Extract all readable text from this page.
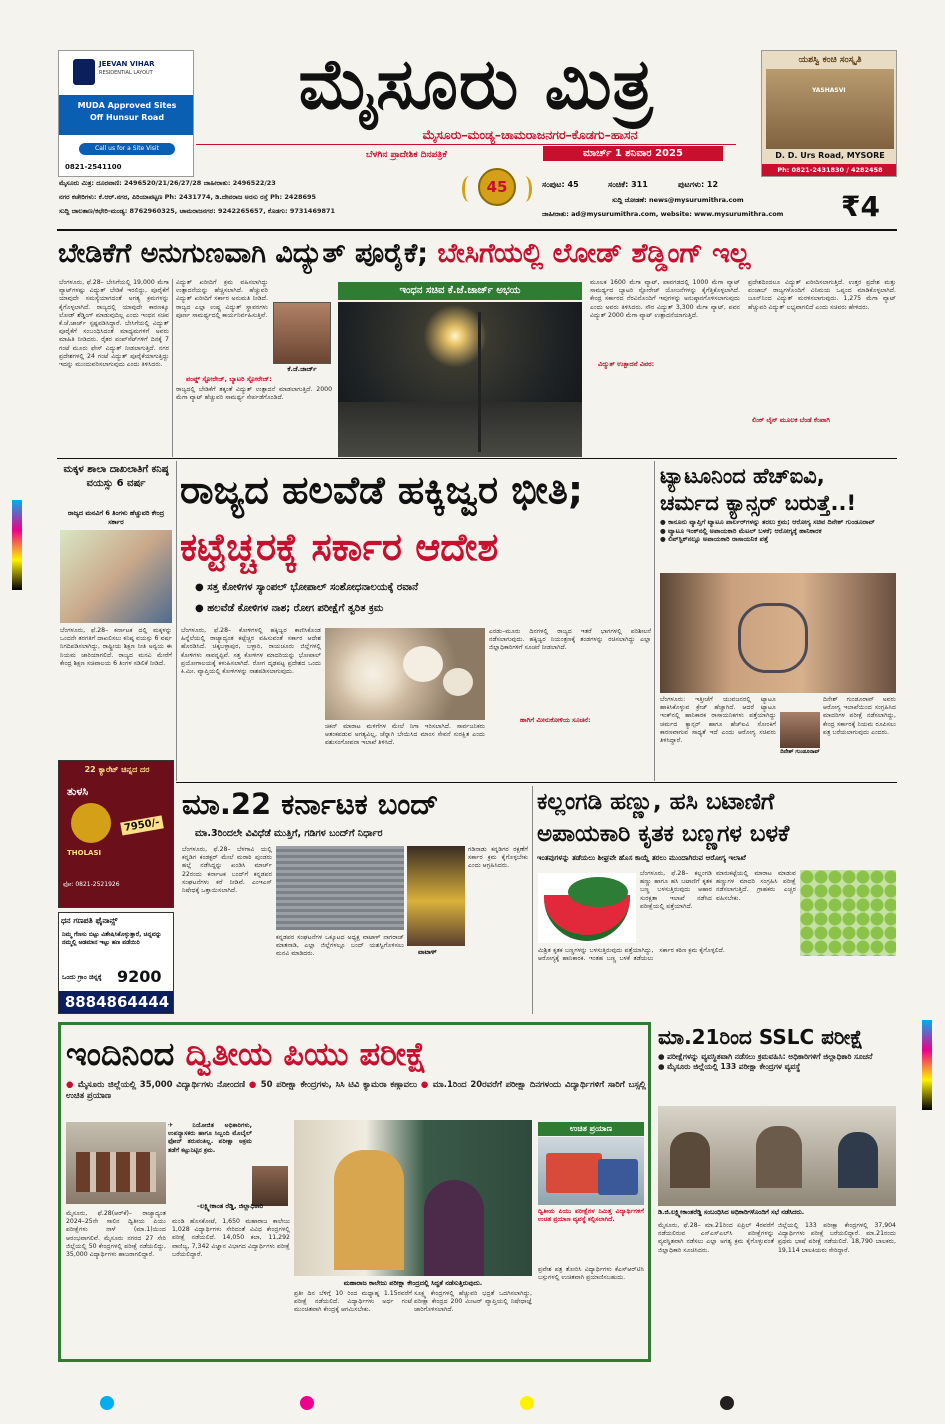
JEEVAN VIHAR
RESIDENTIAL LAYOUT
MUDA Approved Sites
Off Hunsur Road
Call us for a Site Visit
0821-2541100
ಮೈಸೂರು ಮಿತ್ರ
ಮೈಸೂರು–ಮಂಡ್ಯ–ಚಾಮರಾಜನಗರ–ಕೊಡಗು–ಹಾಸನ
ಬೆಳಗಿನ ಪ್ರಾದೇಶಿಕ ದಿನಪತ್ರಿಕೆ	ಮಾರ್ಚ್ 1 ಶನಿವಾರ 2025
ಯಶಸ್ವಿ ಕಂಚಿ ಸಂಸ್ಕೃತಿ
YASHASVI
D. D. Urs Road, MYSORE
Ph: 0821-2431830 / 4282458
45
ಮೈಸೂರು ಮಿತ್ರ: ದೂರವಾಣಿ: 2496520/21/26/27/28 ಜಾಹೀರಾತು: 2496522/23
ನಗರ ಕಚೇರಿಗಳು: ಕೆ.ಆರ್.ನಗರ, ಪಿರಿಯಾಪಟ್ಟಣ Ph: 2431774, ಡಿ.ದೇವರಾಜ ಅರಸು ರಸ್ತೆ Ph: 2428695
ಸುದ್ದಿ ಜಾಲತಾಣ/ಕಛೇರಿ-ಮಂಡ್ಯ: 8762960325, ಚಾಮರಾಜನಗರ: 9242265657, ಕೊಡಗು: 9731469871
ಸಂಪುಟ: 45	ಸಂಚಿಕೆ: 311	ಪುಟಗಳು: 12
ಸುದ್ದಿ ಜೋಡಣೆ: news@mysurumithra.com
ಜಾಹೀರಾತು: ad@mysurumithra.com, website: www.mysurumithra.com ₹4
ಬೇಡಿಕೆಗೆ ಅನುಗುಣವಾಗಿ ವಿದ್ಯುತ್ ಪೂರೈಕೆ; ಬೇಸಿಗೆಯಲ್ಲಿ ಲೋಡ್ ಶೆಡ್ಡಿಂಗ್ ಇಲ್ಲ
ಬೆಂಗಳೂರು, ಫೆ.28– ಬೇಸಿಗೆಯಲ್ಲಿ 19,000 ಮೆಗಾ ವ್ಯಾಟ್‌ಗಳಷ್ಟು ವಿದ್ಯುತ್ ಬೇಡಿಕೆ ಇರಲಿದ್ದು, ಪೂರೈಕೆಗೆ ಯಾವುದೇ ಸಮಸ್ಯೆಯಾಗದಂತೆ ಅಗತ್ಯ ಕ್ರಮಗಳನ್ನು ಕೈಗೊಳ್ಳಲಾಗಿದೆ. ರಾಜ್ಯದಲ್ಲಿ ಯಾವುದೇ ಕಾರಣಕ್ಕೂ ಲೋಡ್ ಶೆಡ್ಡಿಂಗ್ ಮಾಡುವುದಿಲ್ಲ ಎಂದು ಇಂಧನ ಸಚಿವ ಕೆ.ಜೆ.ಜಾರ್ಜ್ ಸ್ಪಷ್ಟಪಡಿಸಿದ್ದಾರೆ. ಬೇಸಿಗೆಯಲ್ಲಿ ವಿದ್ಯುತ್ ಪೂರೈಕೆಗೆ ಸಂಬಂಧಿಸಿದಂತೆ ಮಾಧ್ಯಮಗಳಿಗೆ ಅವರು ಮಾಹಿತಿ ನೀಡಿದರು. ರೈತರ ಪಂಪ್‌ಸೆಟ್‌ಗಳಿಗೆ ದಿನಕ್ಕೆ 7 ಗಂಟೆ ಮೂರು ಫೇಸ್ ವಿದ್ಯುತ್ ನೀಡಲಾಗುತ್ತಿದೆ. ನಗರ ಪ್ರದೇಶಗಳಲ್ಲಿ 24 ಗಂಟೆ ವಿದ್ಯುತ್ ಪೂರೈಕೆಯಾಗುತ್ತಿದ್ದು ಇದನ್ನು ಮುಂದುವರಿಸಲಾಗುವುದು ಎಂದು ತಿಳಿಸಿದರು.
ವಿದ್ಯುತ್ ಖರೀದಿಗೆ ಕ್ರಮ ವಹಿಸಲಾಗಿದ್ದು ಉತ್ಪಾದನೆಯನ್ನು ಹೆಚ್ಚಿಸಲಾಗಿದೆ. ಹೆಚ್ಚುವರಿ ವಿದ್ಯುತ್ ಖರೀದಿಗೆ ಸರ್ಕಾರ ಅನುಮತಿ ನೀಡಿದೆ. ರಾಜ್ಯದ ಎಲ್ಲಾ ಉಷ್ಣ ವಿದ್ಯುತ್ ಸ್ಥಾವರಗಳು ಪೂರ್ಣ ಸಾಮರ್ಥ್ಯದಲ್ಲಿ ಕಾರ್ಯನಿರ್ವಹಿಸುತ್ತಿವೆ.
ಕೆ.ಜೆ.ಜಾರ್ಜ್
ರಾಜ್ಯದಲ್ಲಿ ಬೇಡಿಕೆಗೆ ತಕ್ಕಂತೆ ವಿದ್ಯುತ್ ಉತ್ಪಾದನೆ ಮಾಡಲಾಗುತ್ತಿದೆ. 2000 ಮೆಗಾ ವ್ಯಾಟ್ ಹೆಚ್ಚುವರಿ ಸಾಮರ್ಥ್ಯ ಸೇರ್ಪಡೆಗೊಂಡಿದೆ.
ಪಂಪ್ಡ್ ಸ್ಟೋರೇಜ್, ಬ್ಯಾಟರಿ ಸ್ಟೋರೇಜ್:
ಇಂಧನ ಸಚಿವ ಕೆ.ಜೆ.ಜಾರ್ಜ್ ಅಭಯ
ಮೂಲಕ 1600 ಮೆಗಾ ವ್ಯಾಟ್, ಪಾವಗಡದಲ್ಲಿ 1000 ಮೆಗಾ ವ್ಯಾಟ್ ಸಾಮರ್ಥ್ಯದ ಬ್ಯಾಟರಿ ಸ್ಟೋರೇಜ್ ಯೋಜನೆಗಳನ್ನು ಕೈಗೆತ್ತಿಕೊಳ್ಳಲಾಗಿದೆ. ಕೇಂದ್ರ ಸರ್ಕಾರದ ನೆರವಿನೊಂದಿಗೆ ಇವುಗಳನ್ನು ಅನುಷ್ಠಾನಗೊಳಿಸಲಾಗುವುದು ಎಂದು ಅವರು ತಿಳಿಸಿದರು. ಸೌರ ವಿದ್ಯುತ್ 3,300 ಮೆಗಾ ವ್ಯಾಟ್, ಪವನ ವಿದ್ಯುತ್ 2000 ಮೆಗಾ ವ್ಯಾಟ್ ಉತ್ಪಾದನೆಯಾಗುತ್ತಿದೆ.
ವಿದ್ಯುತ್ ಉತ್ಪಾದನೆ ವಿವರ:
ಪ್ರದೇಶದಿಂದಲೂ ವಿದ್ಯುತ್ ಖರೀದಿಸಲಾಗುತ್ತಿದೆ. ಉತ್ತರ ಪ್ರದೇಶ ಮತ್ತು ಪಂಜಾಬ್ ರಾಜ್ಯಗಳೊಂದಿಗೆ ವಿನಿಮಯ ಒಪ್ಪಂದ ಮಾಡಿಕೊಳ್ಳಲಾಗಿದೆ. ಜೂನ್‌ನಿಂದ ವಿದ್ಯುತ್ ಮರಳಿಸಲಾಗುವುದು. 1,275 ಮೆಗಾ ವ್ಯಾಟ್ ಹೆಚ್ಚುವರಿ ವಿದ್ಯುತ್ ಲಭ್ಯವಾಗಲಿದೆ ಎಂದು ಸಚಿವರು ಹೇಳಿದರು.
ಲಿಂಕ್ ಲೈನ್ ಮೂಲಕ ಬೆಂಡೆ ಕೆಂಪಾಗಿ
ಮಕ್ಕಳ ಶಾಲಾ ದಾಖಲಾತಿಗೆ ಕನಿಷ್ಠ ವಯಸ್ಸು 6 ವರ್ಷ
ರಾಜ್ಯದ ಮನವಿಗೆ 6 ತಿಂಗಳು ಹೆಚ್ಚುವರಿ ಕೇಂದ್ರ ಸರ್ಕಾರ
ಬೆಂಗಳೂರು, ಫೆ.28– ಕರ್ನಾಟಕ ದಲ್ಲಿ ಮಕ್ಕಳನ್ನು ಒಂದನೇ ತರಗತಿಗೆ ದಾಖಲಿಸಲು ಕನಿಷ್ಠ ವಯಸ್ಸು 6 ವರ್ಷ ನಿಗದಿಪಡಿಸಲಾಗಿದ್ದು, ರಾಷ್ಟ್ರೀಯ ಶಿಕ್ಷಣ ನೀತಿ ಅನ್ವಯ ಈ ನಿಯಮ ಜಾರಿಯಾಗಲಿದೆ. ರಾಜ್ಯದ ಮನವಿ ಮೇರೆಗೆ ಕೇಂದ್ರ ಶಿಕ್ಷಣ ಸಚಿವಾಲಯ 6 ತಿಂಗಳ ಸಡಿಲಿಕೆ ನೀಡಿದೆ.
22 ಕ್ಯಾರೆಟ್ ಚಿನ್ನದ ದರ
ತುಳಸಿ
THOLASI
7950/-
ಫೋ: 0821-2521926
ಧನ ಗಣಪತಿ ಫೈನಾನ್ಸ್
ನಿಮ್ಮ ಗೆಣಸು ಬಿಟ್ಟು ವಿಶೇಷಿಸಿಕೊಳ್ಳುತ್ತಾರೆ, ಚಿನ್ನವನ್ನು ನಮ್ಮಲ್ಲಿ ಅಡಮಾನ ಇಟ್ಟು ಹಣ ಪಡೆಯಿರಿ
ಒಂದು ಗ್ರಾಂ ಚಿನ್ನಕ್ಕೆ 9200
8884864444
ರಾಜ್ಯದ ಹಲವೆಡೆ ಹಕ್ಕಿಜ್ವರ ಭೀತಿ;
ಕಟ್ಟೆಚ್ಚರಕ್ಕೆ ಸರ್ಕಾರ ಆದೇಶ
● ಸತ್ತ ಕೋಳಿಗಳ ಸ್ಯಾಂಪಲ್ ಭೋಪಾಲ್ ಸಂಶೋಧನಾಲಯಕ್ಕೆ ರವಾನೆ
● ಹಲವೆಡೆ ಕೋಳಿಗಳ ನಾಶ; ರೋಗ ಪರೀಕ್ಷೆಗೆ ತ್ವರಿತ ಕ್ರಮ
ಬೆಂಗಳೂರು, ಫೆ.28– ಕೋಳಿಗಳಲ್ಲಿ ಹಕ್ಕಿಜ್ವರ ಕಾಣಿಸಿಕೊಂಡ ಹಿನ್ನೆಲೆಯಲ್ಲಿ ರಾಜ್ಯಾದ್ಯಂತ ಕಟ್ಟೆಚ್ಚರ ವಹಿಸುವಂತೆ ಸರ್ಕಾರ ಆದೇಶ ಹೊರಡಿಸಿದೆ. ಚಿಕ್ಕಬಳ್ಳಾಪುರ, ಬಳ್ಳಾರಿ, ರಾಯಚೂರು ಜಿಲ್ಲೆಗಳಲ್ಲಿ ಕೋಳಿಗಳು ಸಾವನ್ನಪ್ಪಿವೆ. ಸತ್ತ ಕೋಳಿಗಳ ಮಾದರಿಯನ್ನು ಭೋಪಾಲ್ ಪ್ರಯೋಗಾಲಯಕ್ಕೆ ಕಳುಹಿಸಲಾಗಿದೆ. ರೋಗ ದೃಢಪಟ್ಟ ಪ್ರದೇಶದ ಒಂದು ಕಿ.ಮೀ. ವ್ಯಾಪ್ತಿಯಲ್ಲಿ ಕೋಳಿಗಳನ್ನು ನಾಶಪಡಿಸಲಾಗುವುದು.
ಚಿಕನ್ ಮಾರಾಟ ಮಳಿಗೆಗಳ ಮೇಲೆ ನಿಗಾ ಇರಿಸಲಾಗಿದೆ. ಸಾರ್ವಜನಿಕರು ಆತಂಕಪಡುವ ಅಗತ್ಯವಿಲ್ಲ, ಚೆನ್ನಾಗಿ ಬೇಯಿಸಿದ ಮಾಂಸ ಸೇವನೆ ಸುರಕ್ಷಿತ ಎಂದು ಪಶುಸಂಗೋಪನಾ ಇಲಾಖೆ ತಿಳಿಸಿದೆ.
ಎರಡು–ಮೂರು ದಿನಗಳಲ್ಲಿ ರಾಜ್ಯದ ಇತರೆ ಭಾಗಗಳಲ್ಲಿ ಪರಿಶೀಲನೆ ನಡೆಸಲಾಗುವುದು. ಹಕ್ಕಿಜ್ವರ ನಿಯಂತ್ರಣಕ್ಕೆ ತಂಡಗಳನ್ನು ರಚಿಸಲಾಗಿದ್ದು ಎಲ್ಲಾ ಜಿಲ್ಲಾಧಿಕಾರಿಗಳಿಗೆ ಸೂಚನೆ ನೀಡಲಾಗಿದೆ.
ಹಾಗಿಗೆ ಮೀನುಕೋಳಿಯ ಸೂಚನೆ:
ಟ್ಯಾಟೂನಿಂದ ಹೆಚ್‌ಐವಿ,
ಚರ್ಮದ ಕ್ಯಾನ್ಸರ್ ಬರುತ್ತೆ..!
● ಕಾನೂನು ವ್ಯಾಪ್ತಿಗೆ ಟ್ಯಾಟೂ ಪಾರ್ಲರ್‌ಗಳನ್ನು ತರಲು ಕ್ರಮ; ಆರೋಗ್ಯ ಸಚಿವ ದಿನೇಶ್ ಗುಂಡೂರಾವ್
● ಟ್ಯಾಟೂ ಇಂಕ್‌ನಲ್ಲಿ ಅಪಾಯಕಾರಿ ಮೆಟಲ್ ಬಳಕೆ; ಆರೋಗ್ಯಕ್ಕೆ ಹಾನಿಕಾರಕ
● ಲಿಪ್‌ಸ್ಟಿಕ್‌ನಲ್ಲೂ ಅಪಾಯಕಾರಿ ರಾಸಾಯನಿಕ ಪತ್ತೆ
ಬೆಂಗಳೂರು: ಇತ್ತೀಚೆಗೆ ಯುವಜನರಲ್ಲಿ ಟ್ಯಾಟೂ ಹಾಕಿಸಿಕೊಳ್ಳುವ ಕ್ರೇಜ್ ಹೆಚ್ಚಾಗಿದೆ. ಆದರೆ ಟ್ಯಾಟೂ ಇಂಕ್‌ನಲ್ಲಿ ಹಾನಿಕಾರಕ ರಾಸಾಯನಿಕಗಳು ಪತ್ತೆಯಾಗಿದ್ದು ಚರ್ಮದ ಕ್ಯಾನ್ಸರ್ ಹಾಗೂ ಹೆಚ್‌ಐವಿ ಸೋಂಕಿಗೆ ಕಾರಣವಾಗುವ ಸಾಧ್ಯತೆ ಇದೆ ಎಂದು ಆರೋಗ್ಯ ಸಚಿವರು ತಿಳಿಸಿದ್ದಾರೆ.
ದಿನೇಶ್ ಗುಂಡೂರಾವ್
ದಿನೇಶ್ ಗುಂಡೂರಾವ್ ಅವರು ಆರೋಗ್ಯ ಇಲಾಖೆಯಿಂದ ಸಂಗ್ರಹಿಸಿದ ಮಾದರಿಗಳ ಪರೀಕ್ಷೆ ನಡೆಸಲಾಗಿದ್ದು, ಕೇಂದ್ರ ಸರ್ಕಾರಕ್ಕೆ ನಿಯಮ ರೂಪಿಸಲು ಪತ್ರ ಬರೆಯಲಾಗುವುದು ಎಂದರು.
ಮಾ.22 ಕರ್ನಾಟಕ ಬಂದ್
ಮಾ.3ರಿಂದಲೇ ವಿವಿಧೆಡೆ ಮುತ್ತಿಗೆ, ಗಡಿಗಳ ಬಂದ್‌ಗೆ ನಿರ್ಧಾರ
ಬೆಂಗಳೂರು, ಫೆ.28– ಬೆಳಗಾವಿ ಯಲ್ಲಿ ಕನ್ನಡಿಗ ಕಂಡಕ್ಟರ್ ಮೇಲೆ ಮರಾಠಿ ಪುಂಡರು ಹಲ್ಲೆ ನಡೆಸಿದ್ದನ್ನು ಖಂಡಿಸಿ ಮಾರ್ಚ್ 22ರಂದು ಕರ್ನಾಟಕ ಬಂದ್‌ಗೆ ಕನ್ನಡಪರ ಸಂಘಟನೆಗಳು ಕರೆ ನೀಡಿವೆ. ಎಂಇಎಸ್ ನಿಷೇಧಕ್ಕೆ ಒತ್ತಾಯಿಸಲಾಗಿದೆ.
ವಾಟಾಳ್
ಕನ್ನಡಪರ ಸಂಘಟನೆಗಳ ಒಕ್ಕೂಟದ ಅಧ್ಯಕ್ಷ ವಾಟಾಳ್ ನಾಗರಾಜ್ ಮಾತನಾಡಿ, ಎಲ್ಲಾ ಜಿಲ್ಲೆಗಳಲ್ಲೂ ಬಂದ್ ಯಶಸ್ವಿಗೊಳಿಸಲು ಮನವಿ ಮಾಡಿದರು.
ಗಡಿನಾಡು ಕನ್ನಡಿಗರ ರಕ್ಷಣೆಗೆ ಸರ್ಕಾರ ಕ್ರಮ ಕೈಗೊಳ್ಳಬೇಕು ಎಂದು ಆಗ್ರಹಿಸಿದರು.
ಕಲ್ಲಂಗಡಿ ಹಣ್ಣು, ಹಸಿ ಬಟಾಣಿಗೆ
ಅಪಾಯಕಾರಿ ಕೃತಕ ಬಣ್ಣಗಳ ಬಳಕೆ
ಇಂತವುಗಳನ್ನು ತಡೆಯಲು ಶೀಘ್ರವೇ ಹೊಸ ಕಾಯ್ದೆ ತರಲು ಮುಂದಾಗಿರುವ ಆರೋಗ್ಯ ಇಲಾಖೆ
ಬೆಂಗಳೂರು, ಫೆ.28– ಕಲ್ಲಂಗಡಿ ಹಣ್ಣು ಹಾಗೂ ಹಸಿ ಬಟಾಣಿಗೆ ಕೃತಕ ಬಣ್ಣ ಬಳಸುತ್ತಿರುವುದು ಆಹಾರ ಸುರಕ್ಷತಾ ಇಲಾಖೆ ನಡೆಸಿದ ಪರೀಕ್ಷೆಯಲ್ಲಿ ಪತ್ತೆಯಾಗಿದೆ.
ಮಾರುಕಟ್ಟೆಯಲ್ಲಿ ಮಾರಾಟ ಮಾಡುವ ಹಣ್ಣುಗಳ ಮಾದರಿ ಸಂಗ್ರಹಿಸಿ ಪರೀಕ್ಷೆ ನಡೆಸಲಾಗುತ್ತಿದೆ. ಗ್ರಾಹಕರು ಎಚ್ಚರ ವಹಿಸಬೇಕು.
ಮಿಶ್ರಿತ ಕೃತಕ ಬಣ್ಣಗಳನ್ನು ಬಳಸುತ್ತಿರುವುದು ಪತ್ತೆಯಾಗಿದ್ದು, ಆರೋಗ್ಯಕ್ಕೆ ಹಾನಿಕಾರಕ. ಇಂತಹ ಬಣ್ಣ ಬಳಕೆ ತಡೆಯಲು ಸರ್ಕಾರ ಕಠಿಣ ಕ್ರಮ ಕೈಗೊಳ್ಳಲಿದೆ.
ಇಂದಿನಿಂದ ದ್ವಿತೀಯ ಪಿಯು ಪರೀಕ್ಷೆ
● ಮೈಸೂರು ಜಿಲ್ಲೆಯಲ್ಲಿ 35,000 ವಿದ್ಯಾರ್ಥಿಗಳು ನೋಂದಣಿ ● 50 ಪರೀಕ್ಷಾ ಕೇಂದ್ರಗಳು, ಸಿಸಿ ಟಿವಿ ಕ್ಯಾಮರಾ ಕಣ್ಗಾವಲು ● ಮಾ.1ರಿಂದ 20ರವರೆಗೆ ಪರೀಕ್ಷಾ ದಿನಗಳಂದು ವಿದ್ಯಾರ್ಥಿಗಳಿಗೆ ಸಾರಿಗೆ ಬಸ್ಸಲ್ಲಿ ಉಚಿತ ಪ್ರಯಾಣ
✈ ನಿಯೋಜಿತ ಅಧಿಕಾರಿಗಳು, ಉಪನ್ಯಾಸಕರು ಹಾಗೂ ಸಿಬ್ಬಂದಿ ಮೊಬೈಲ್ ಫೋನ್ ತರುವಂತಿಲ್ಲ. ಪರೀಕ್ಷಾ ಅಕ್ರಮ ತಡೆಗೆ ಕಟ್ಟುನಿಟ್ಟಿನ ಕ್ರಮ.
–ಲಕ್ಷ್ಮೀಕಾಂತ ರೆಡ್ಡಿ, ಜಿಲ್ಲಾಧಿಕಾರಿ
ಮೈಸೂರು, ಫೆ.28(ಆರ್‌ಕೆ)– ರಾಜ್ಯಾದ್ಯಂತ 2024–25ನೇ ಸಾಲಿನ ದ್ವಿತೀಯ ಪಿಯು ಪರೀಕ್ಷೆಗಳು ನಾಳೆ (ಮಾ.1)ಯಿಂದ ಆರಂಭವಾಗಲಿವೆ. ಮೈಸೂರು ನಗರದ 27 ಸೇರಿ ಜಿಲ್ಲೆಯಲ್ಲಿ 50 ಕೇಂದ್ರಗಳಲ್ಲಿ ಪರೀಕ್ಷೆ ನಡೆಯಲಿದ್ದು, 35,000 ವಿದ್ಯಾರ್ಥಿಗಳು ಹಾಜರಾಗಲಿದ್ದಾರೆ.
ಮಂಡಿ ಹೊಸಕೋಟೆ, 1,650 ಮಹಾರಾಜ ಕಾಲೇಜು 1,028 ವಿದ್ಯಾರ್ಥಿಗಳು ಸೇರಿದಂತೆ ವಿವಿಧ ಕೇಂದ್ರಗಳಲ್ಲಿ ಪರೀಕ್ಷೆ ನಡೆಯಲಿದೆ. 14,050 ಕಲಾ, 11,292 ವಾಣಿಜ್ಯ, 7,342 ವಿಜ್ಞಾನ ವಿಭಾಗದ ವಿದ್ಯಾರ್ಥಿಗಳು ಪರೀಕ್ಷೆ ಬರೆಯಲಿದ್ದಾರೆ.
ಮಹಾರಾಜ ಕಾಲೇಜು ಪರೀಕ್ಷಾ ಕೇಂದ್ರದಲ್ಲಿ ಸಿದ್ಧತೆ ನಡೆಸುತ್ತಿರುವುದು.
ಪ್ರತೀ ದಿನ ಬೆಳಿಗ್ಗೆ 10 ರಿಂದ ಮಧ್ಯಾಹ್ನ 1.15ರವರೆಗೆ ಪರೀಕ್ಷೆ ನಡೆಯಲಿದೆ. ವಿದ್ಯಾರ್ಥಿಗಳು ಅರ್ಧ ಗಂಟೆ ಮುಂಚಿತವಾಗಿ ಕೇಂದ್ರಕ್ಕೆ ಆಗಮಿಸಬೇಕು.
ಸೂಕ್ಷ್ಮ ಕೇಂದ್ರಗಳಲ್ಲಿ ಹೆಚ್ಚುವರಿ ಭದ್ರತೆ ಒದಗಿಸಲಾಗಿದ್ದು, ಪರೀಕ್ಷಾ ಕೇಂದ್ರದ 200 ಮೀಟರ್ ವ್ಯಾಪ್ತಿಯಲ್ಲಿ ನಿಷೇಧಾಜ್ಞೆ ಜಾರಿಗೊಳಿಸಲಾಗಿದೆ.
ಉಚಿತ ಪ್ರಯಾಣ
ದ್ವಿತೀಯ ಪಿಯು ಪರೀಕ್ಷೆಗಳ ನಿಮಿತ್ತ ವಿದ್ಯಾರ್ಥಿಗಳಿಗೆ ಉಚಿತ ಪ್ರಯಾಣ ವ್ಯವಸ್ಥೆ ಕಲ್ಪಿಸಲಾಗಿದೆ.
ಪ್ರವೇಶ ಪತ್ರ ತೋರಿಸಿ ವಿದ್ಯಾರ್ಥಿಗಳು ಕೆಎಸ್‌ಆರ್‌ಟಿಸಿ ಬಸ್ಸುಗಳಲ್ಲಿ ಉಚಿತವಾಗಿ ಪ್ರಯಾಣಿಸಬಹುದು.
ಮಾ.21ರಿಂದ SSLC ಪರೀಕ್ಷೆ
● ಪರೀಕ್ಷೆಗಳನ್ನು ವ್ಯವಸ್ಥಿತವಾಗಿ ನಡೆಸಲು ಕ್ರಮವಹಿಸಿ: ಅಧಿಕಾರಿಗಳಿಗೆ ಜಿಲ್ಲಾಧಿಕಾರಿ ಸೂಚನೆ
● ಮೈಸೂರು ಜಿಲ್ಲೆಯಲ್ಲಿ 133 ಪರೀಕ್ಷಾ ಕೇಂದ್ರಗಳ ವ್ಯವಸ್ಥೆ
ಡಿ.ಜಿ.ಲಕ್ಷ್ಮೀಕಾಂತರೆಡ್ಡಿ ಸಂಬಂಧಿಸಿದ ಅಧಿಕಾರಿಗಳೊಂದಿಗೆ ಸಭೆ ನಡೆಸಿದರು.
ಮೈಸೂರು, ಫೆ.28– ಮಾ.21ರಿಂದ ಏಪ್ರಿಲ್ 4ರವರೆಗೆ ನಡೆಯಲಿರುವ ಎಸ್‌ಎಸ್‌ಎಲ್‌ಸಿ ಪರೀಕ್ಷೆಗಳನ್ನು ವ್ಯವಸ್ಥಿತವಾಗಿ ನಡೆಸಲು ಎಲ್ಲಾ ಅಗತ್ಯ ಕ್ರಮ ಕೈಗೊಳ್ಳುವಂತೆ ಜಿಲ್ಲಾಧಿಕಾರಿ ಸೂಚಿಸಿದರು.
ಜಿಲ್ಲೆಯಲ್ಲಿ 133 ಪರೀಕ್ಷಾ ಕೇಂದ್ರಗಳಲ್ಲಿ 37,904 ವಿದ್ಯಾರ್ಥಿಗಳು ಪರೀಕ್ಷೆ ಬರೆಯಲಿದ್ದಾರೆ. ಮಾ.21ರಂದು ಪ್ರಥಮ ಭಾಷೆ ಪರೀಕ್ಷೆ ನಡೆಯಲಿದೆ. 18,790 ಬಾಲಕರು, 19,114 ಬಾಲಕಿಯರು ಸೇರಿದ್ದಾರೆ.
